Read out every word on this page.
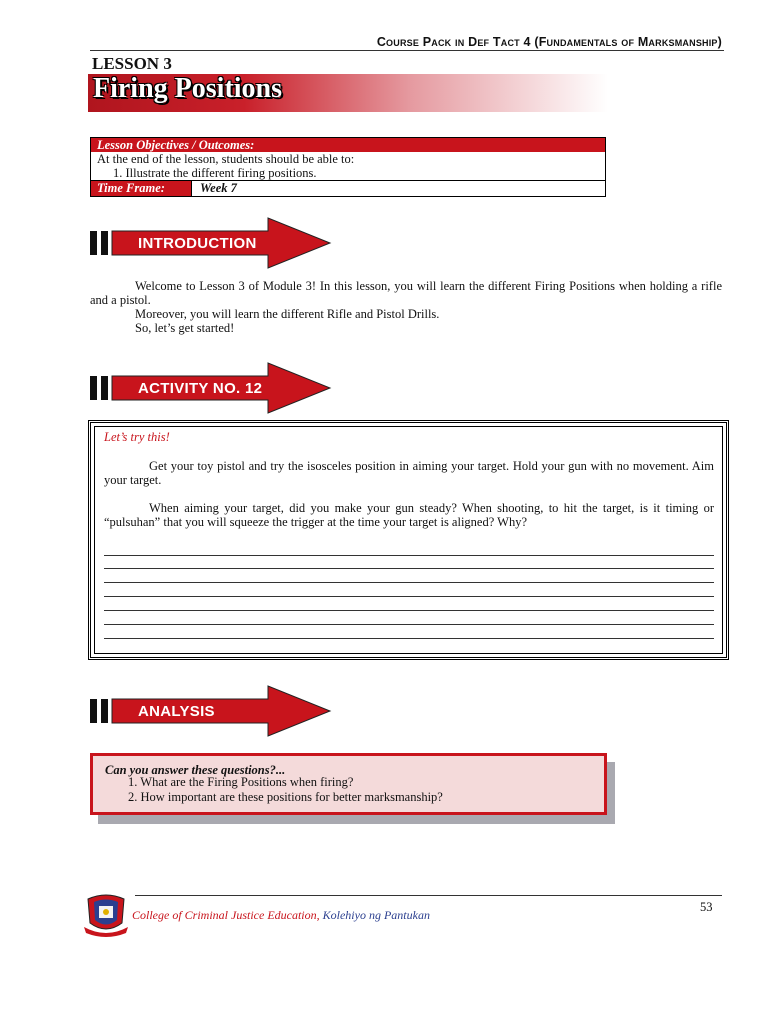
Course Pack in Def Tact 4 (Fundamentals of Marksmanship)
LESSON 3
Firing Positions
Lesson Objectives / Outcomes:
At the end of the lesson, students should be able to:
1. Illustrate the different firing positions.
Time Frame:	Week 7
INTRODUCTION
Welcome to Lesson 3 of Module 3! In this lesson, you will learn the different Firing Positions when holding a rifle and a pistol.
Moreover, you will learn the different Rifle and Pistol Drills.
So, let’s get started!
ACTIVITY NO. 12
Let’s try this!
Get your toy pistol and try the isosceles position in aiming your target. Hold your gun with no movement. Aim your target.
When aiming your target, did you make your gun steady? When shooting, to hit the target, is it timing or “pulsuhan” that you will squeeze the trigger at the time your target is aligned? Why?
ANALYSIS
Can you answer these questions?...
1. What are the Firing Positions when firing?
2. How important are these positions for better marksmanship?
53
College of Criminal Justice Education, Kolehiyo ng Pantukan
